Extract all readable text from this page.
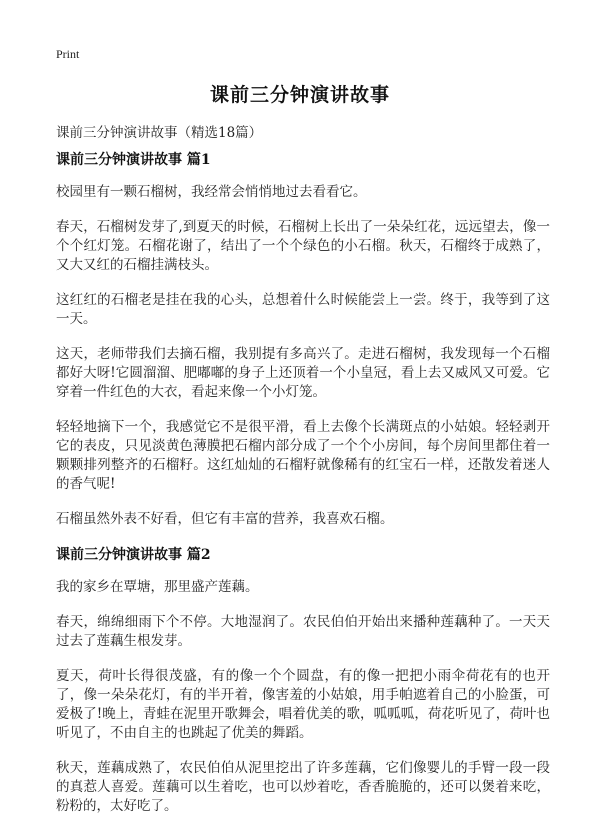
Print
课前三分钟演讲故事
课前三分钟演讲故事（精选18篇）
课前三分钟演讲故事 篇1

校园里有一颗石榴树，我经常会悄悄地过去看看它。

春天，石榴树发芽了,到夏天的时候，石榴树上长出了一朵朵红花，远远望去，像一个个红灯笼。石榴花谢了，结出了一个个绿色的小石榴。秋天，石榴终于成熟了，又大又红的石榴挂满枝头。

这红红的石榴老是挂在我的心头，总想着什么时候能尝上一尝。终于，我等到了这一天。

这天，老师带我们去摘石榴，我别提有多高兴了。走进石榴树，我发现每一个石榴都好大呀!它圆溜溜、肥嘟嘟的身子上还顶着一个小皇冠，看上去又威风又可爱。它穿着一件红色的大衣，看起来像一个小灯笼。

轻轻地摘下一个，我感觉它不是很平滑，看上去像个长满斑点的小姑娘。轻轻剥开它的表皮，只见淡黄色薄膜把石榴内部分成了一个个小房间，每个房间里都住着一颗颗排列整齐的石榴籽。这红灿灿的石榴籽就像稀有的红宝石一样，还散发着迷人的香气呢!

石榴虽然外表不好看，但它有丰富的营养，我喜欢石榴。

课前三分钟演讲故事 篇2

我的家乡在覃塘，那里盛产莲藕。

春天，绵绵细雨下个不停。大地湿润了。农民伯伯开始出来播种莲藕种了。一天天过去了莲藕生根发芽。

夏天，荷叶长得很茂盛，有的像一个个圆盘，有的像一把把小雨伞荷花有的也开了，像一朵朵花灯，有的半开着，像害羞的小姑娘，用手帕遮着自己的小脸蛋，可爱极了!晚上，青蛙在泥里开歌舞会，唱着优美的歌，呱呱呱，荷花听见了，荷叶也听见了，不由自主的也跳起了优美的舞蹈。

秋天，莲藕成熟了，农民伯伯从泥里挖出了许多莲藕，它们像婴儿的手臂一段一段的真惹人喜爱。莲藕可以生着吃，也可以炒着吃，香香脆脆的，还可以煲着来吃，粉粉的，太好吃了。
